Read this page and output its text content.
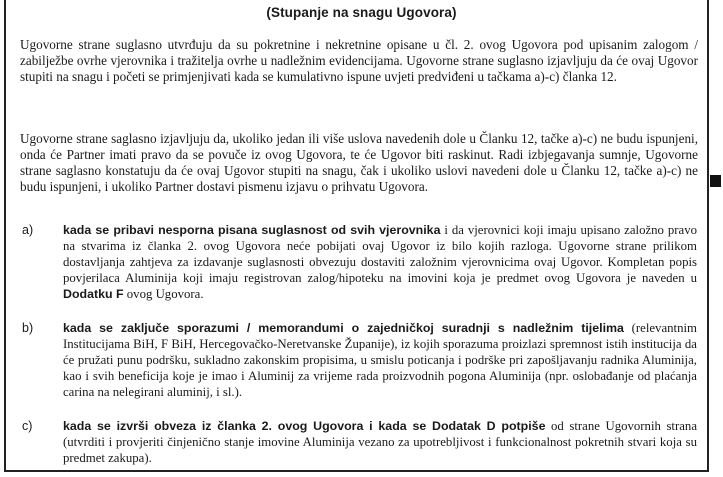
(Stupanje na snagu Ugovora)

Ugovorne strane suglasno utvrđuju da su pokretnine i nekretnine opisane u čl. 2. ovog Ugovora pod upisanim zalogom / zabilježbe ovrhe vjerovnika i tražitelja ovrhe u nadležnim evidencijama. Ugovorne strane suglasno izjavljuju da će ovaj Ugovor stupiti na snagu i početi se primjenjivati kada se kumulativno ispune uvjeti predviđeni u tačkama a)-c) članka 12.

Ugovorne strane saglasno izjavljuju da, ukoliko jedan ili više uslova navedenih dole u Članku 12, tačke a)-c) ne budu ispunjeni, onda će Partner imati pravo da se povuče iz ovog Ugovora, te će Ugovor biti raskinut. Radi izbjegavanja sumnje, Ugovorne strane saglasno konstatuju da će ovaj Ugovor stupiti na snagu, čak i ukoliko uslovi navedeni dole u Članku 12, tačke a)-c) ne budu ispunjeni, i ukoliko Partner dostavi pismenu izjavu o prihvatu Ugovora.

a) kada se pribavi nesporna pisana suglasnost od svih vjerovnika i da vjerovnici koji imaju upisano založno pravo na stvarima iz članka 2. ovog Ugovora neće pobijati ovaj Ugovor iz bilo kojih razloga. Ugovorne strane prilikom dostavljanja zahtjeva za izdavanje suglasnosti obvezuju dostaviti založnim vjerovnicima ovaj Ugovor. Kompletan popis povjerilaca Aluminija koji imaju registrovan zalog/hipoteku na imovini koja je predmet ovog Ugovora je naveden u Dodatku F ovog Ugovora.

b) kada se zaključe sporazumi / memorandumi o zajedničkoj suradnji s nadležnim tijelima (relevantnim Institucijama BiH, F BiH, Hercegovačko-Neretvanske Županije), iz kojih sporazuma proizlazi spremnost istih institucija da će pružati punu podršku, sukladno zakonskim propisima, u smislu poticanja i podrške pri zapošljavanju radnika Aluminija, kao i svih beneficija koje je imao i Aluminij za vrijeme rada proizvodnih pogona Aluminija (npr. oslobađanje od plaćanja carina na nelegirani aluminij, i sl.).

c) kada se izvrši obveza iz članka 2. ovog Ugovora i kada se Dodatak D potpiše od strane Ugovornih strana (utvrditi i provjeriti činjenično stanje imovine Aluminija vezano za upotrebljivost i funkcionalnost pokretnih stvari koja su predmet zakupa).
